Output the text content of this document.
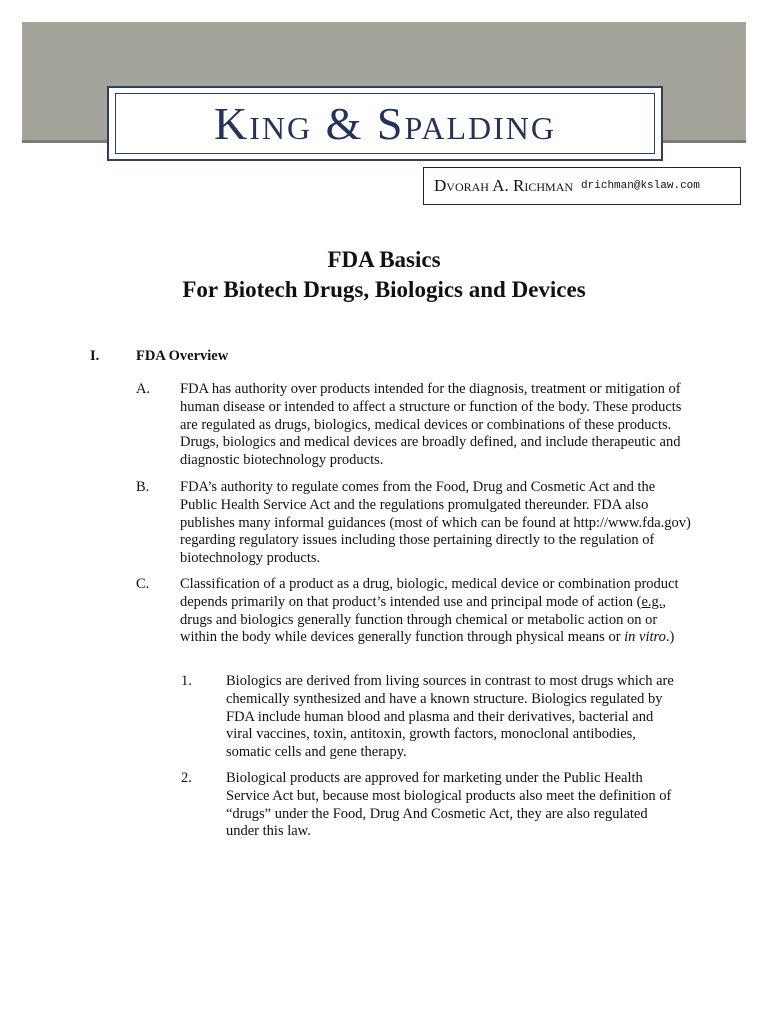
King & Spalding
Dvorah A. Richman drichman@kslaw.com
FDA Basics
For Biotech Drugs, Biologics and Devices
I.	FDA Overview
A. FDA has authority over products intended for the diagnosis, treatment or mitigation of human disease or intended to affect a structure or function of the body. These products are regulated as drugs, biologics, medical devices or combinations of these products. Drugs, biologics and medical devices are broadly defined, and include therapeutic and diagnostic biotechnology products.
B. FDA’s authority to regulate comes from the Food, Drug and Cosmetic Act and the Public Health Service Act and the regulations promulgated thereunder. FDA also publishes many informal guidances (most of which can be found at http://www.fda.gov) regarding regulatory issues including those pertaining directly to the regulation of biotechnology products.
C. Classification of a product as a drug, biologic, medical device or combination product depends primarily on that product’s intended use and principal mode of action (e.g., drugs and biologics generally function through chemical or metabolic action on or within the body while devices generally function through physical means or in vitro.)
1. Biologics are derived from living sources in contrast to most drugs which are chemically synthesized and have a known structure. Biologics regulated by FDA include human blood and plasma and their derivatives, bacterial and viral vaccines, toxin, antitoxin, growth factors, monoclonal antibodies, somatic cells and gene therapy.
2. Biological products are approved for marketing under the Public Health Service Act but, because most biological products also meet the definition of “drugs” under the Food, Drug And Cosmetic Act, they are also regulated under this law.
